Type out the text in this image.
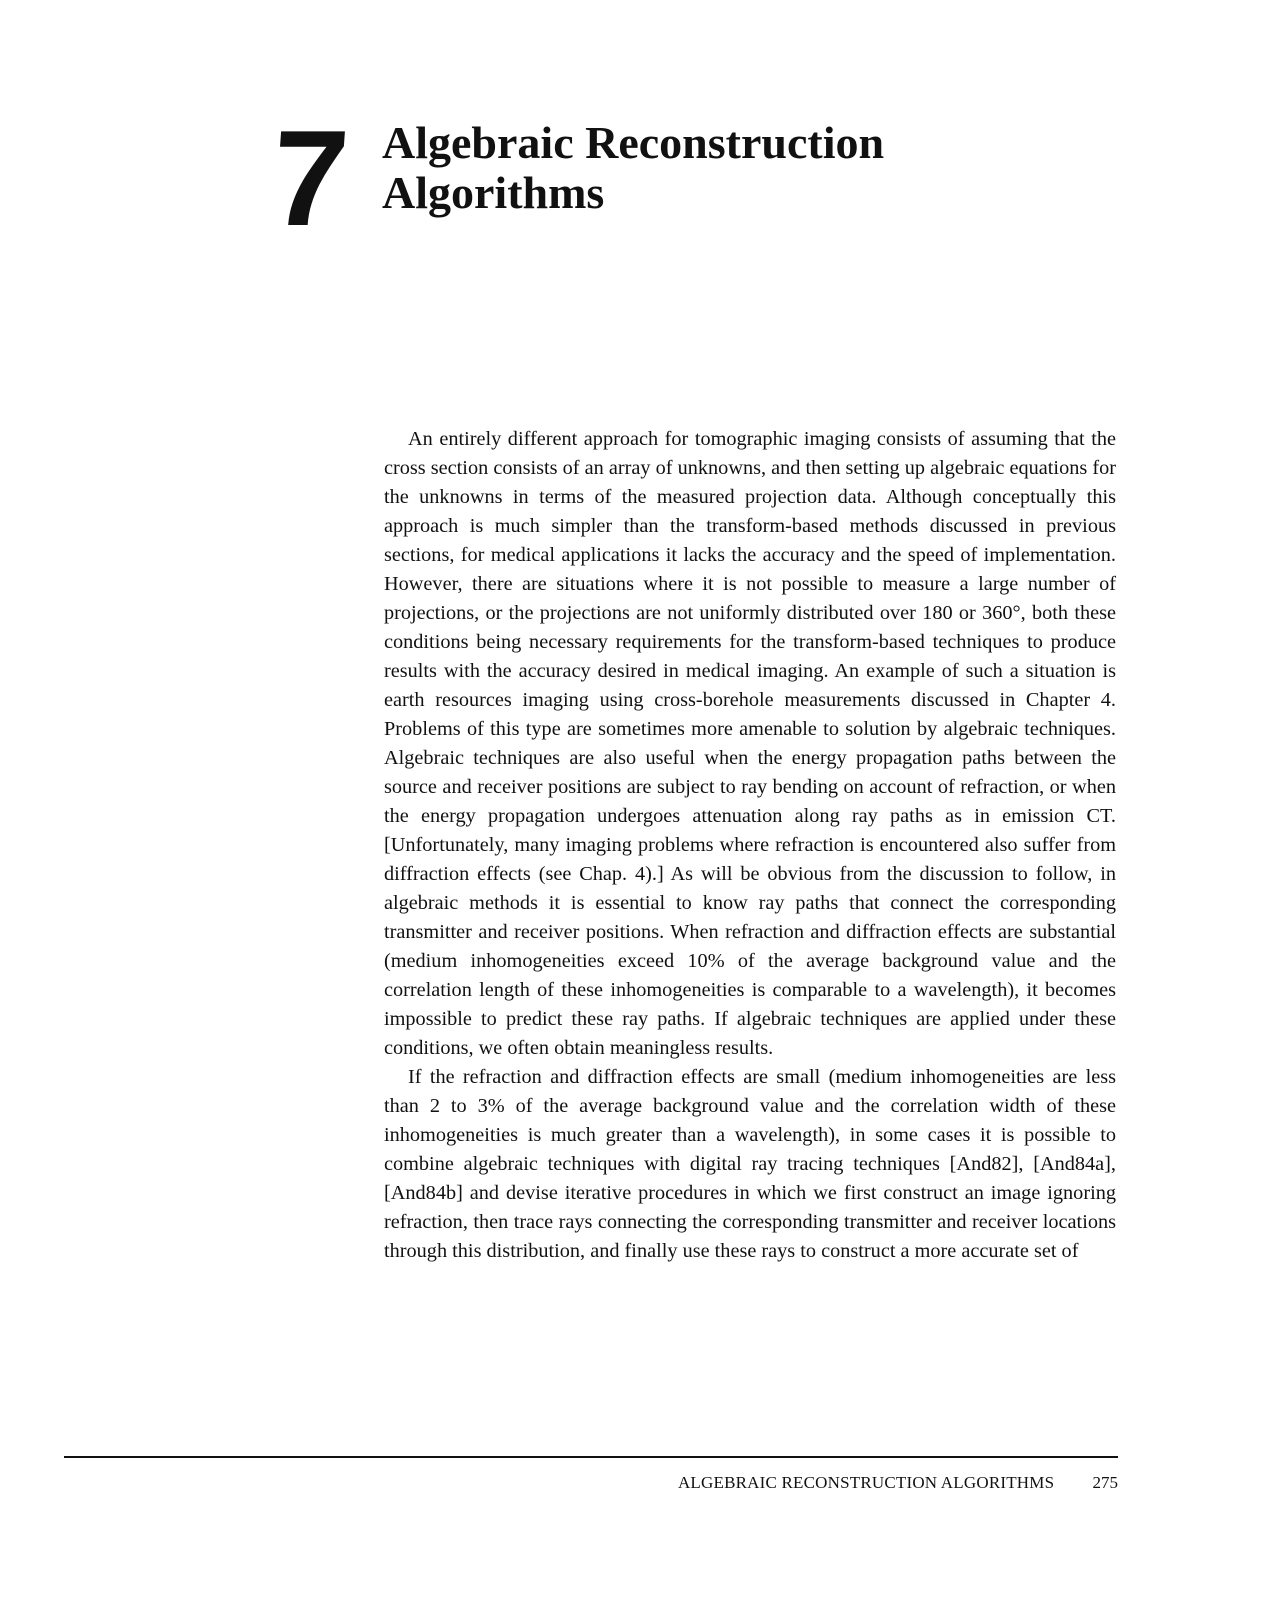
7 Algebraic Reconstruction
Algorithms

An entirely different approach for tomographic imaging consists of assuming that the cross section consists of an array of unknowns, and then setting up algebraic equations for the unknowns in terms of the measured projection data. Although conceptually this approach is much simpler than the transform-based methods discussed in previous sections, for medical applications it lacks the accuracy and the speed of implementation. However, there are situations where it is not possible to measure a large number of projections, or the projections are not uniformly distributed over 180 or 360°, both these conditions being necessary requirements for the transform-based techniques to produce results with the accuracy desired in medical imaging. An example of such a situation is earth resources imaging using cross-borehole measurements discussed in Chapter 4. Problems of this type are sometimes more amenable to solution by algebraic techniques. Algebraic techniques are also useful when the energy propagation paths between the source and receiver positions are subject to ray bending on account of refraction, or when the energy propagation undergoes attenuation along ray paths as in emission CT. [Unfortunately, many imaging problems where refraction is encountered also suffer from diffraction effects (see Chap. 4).] As will be obvious from the discussion to follow, in algebraic methods it is essential to know ray paths that connect the corresponding transmitter and receiver positions. When refraction and diffraction effects are substantial (medium inhomogeneities exceed 10% of the average background value and the correlation length of these inhomogeneities is comparable to a wavelength), it becomes impossible to predict these ray paths. If algebraic techniques are applied under these conditions, we often obtain meaningless results.

If the refraction and diffraction effects are small (medium inhomogeneities are less than 2 to 3% of the average background value and the correlation width of these inhomogeneities is much greater than a wavelength), in some cases it is possible to combine algebraic techniques with digital ray tracing techniques [And82], [And84a], [And84b] and devise iterative procedures in which we first construct an image ignoring refraction, then trace rays connecting the corresponding transmitter and receiver locations through this distribution, and finally use these rays to construct a more accurate set of

ALGEBRAIC RECONSTRUCTION ALGORITHMS 275
